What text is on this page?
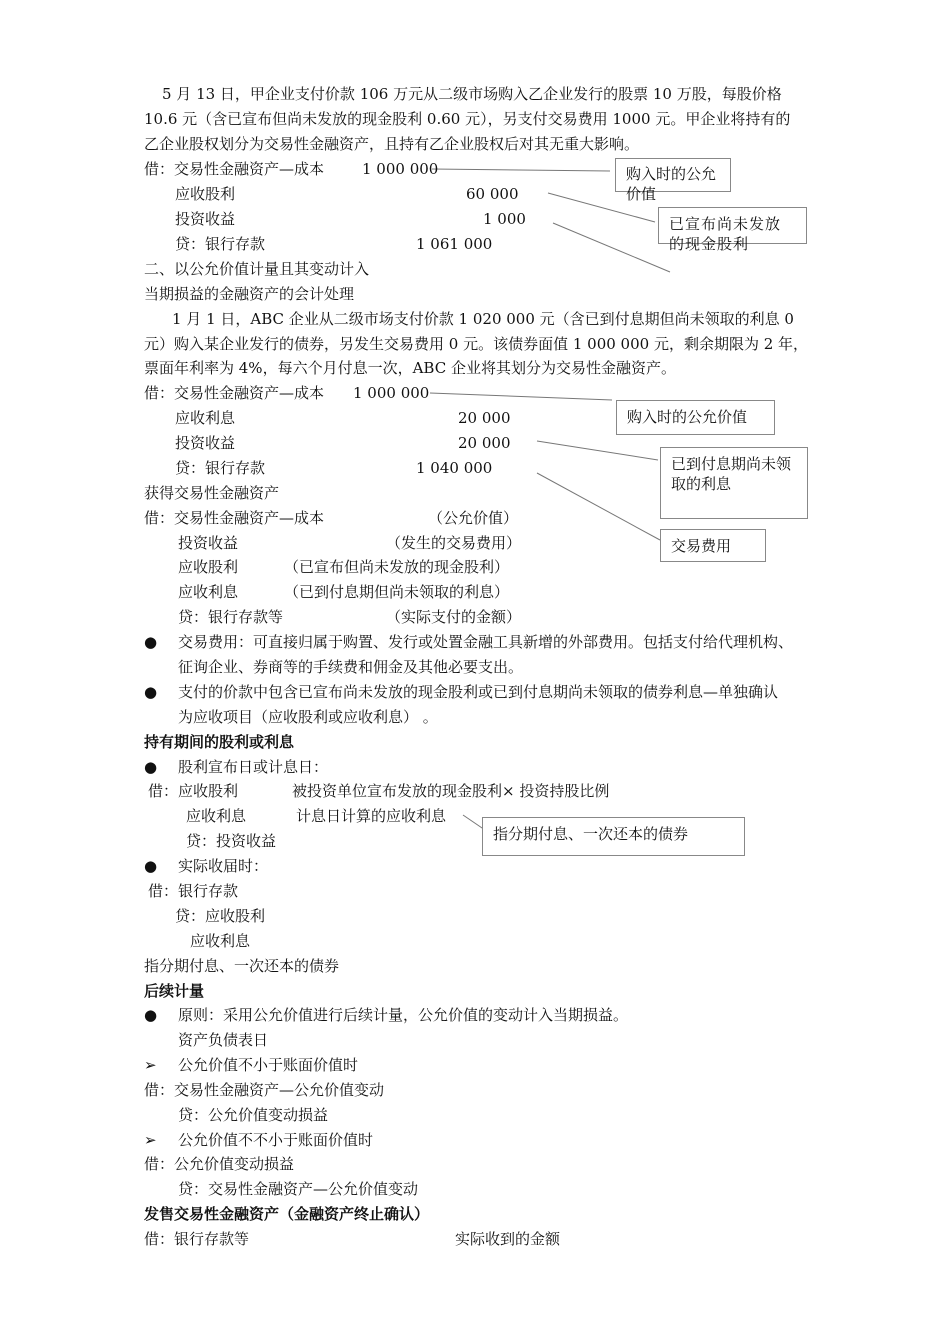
5 月 13 日，甲企业支付价款 106 万元从二级市场购入乙企业发行的股票 10 万股，每股价格
10.6 元（含已宣布但尚未发放的现金股利 0.60 元），另支付交易费用 1000 元。甲企业将持有的
乙企业股权划分为交易性金融资产，且持有乙企业股权后对其无重大影响。
借：交易性金融资产—成本	1 000 000
应收股利	60 000
投资收益	1 000
贷：银行存款	1 061 000
购入时的公允价值
已宣布尚未发放的现金股利
二、以公允价值计量且其变动计入
当期损益的金融资产的会计处理
1 月 1 日，ABC 企业从二级市场支付价款 1 020 000 元（含已到付息期但尚未领取的利息 0
元）购入某企业发行的债券，另发生交易费用 0 元。该债券面值 1 000 000 元，剩余期限为 2 年，
票面年利率为 4%，每六个月付息一次，ABC 企业将其划分为交易性金融资产。
借：交易性金融资产—成本 1 000 000
应收利息	20 000
投资收益	20 000
贷：银行存款	1 040 000
购入时的公允价值
已到付息期尚未领取的利息
交易费用
获得交易性金融资产
借：交易性金融资产—成本	（公允价值）
投资收益	（发生的交易费用）
应收股利	（已宣布但尚未发放的现金股利）
应收利息	（已到付息期但尚未领取的利息）
贷：银行存款等	（实际支付的金额）
● 交易费用：可直接归属于购置、发行或处置金融工具新增的外部费用。包括支付给代理机构、
征询企业、券商等的手续费和佣金及其他必要支出。
● 支付的价款中包含已宣布尚未发放的现金股利或已到付息期尚未领取的债券利息—单独确认
为应收项目（应收股利或应收利息） 。
持有期间的股利或利息
● 股利宣布日或计息日：
借：应收股利	被投资单位宣布发放的现金股利× 投资持股比例
应收利息	计息日计算的应收利息
贷：投资收益	指分期付息、一次还本的债券
● 实际收届时：
借：银行存款
贷：应收股利
应收利息
指分期付息、一次还本的债券
后续计量
● 原则：采用公允价值进行后续计量，公允价值的变动计入当期损益。
资产负债表日
➢ 公允价值不小于账面价值时
借：交易性金融资产—公允价值变动
贷：公允价值变动损益
➢ 公允价值不不小于账面价值时
借：公允价值变动损益
贷：交易性金融资产—公允价值变动
发售交易性金融资产（金融资产终止确认）
借：银行存款等	实际收到的金额
